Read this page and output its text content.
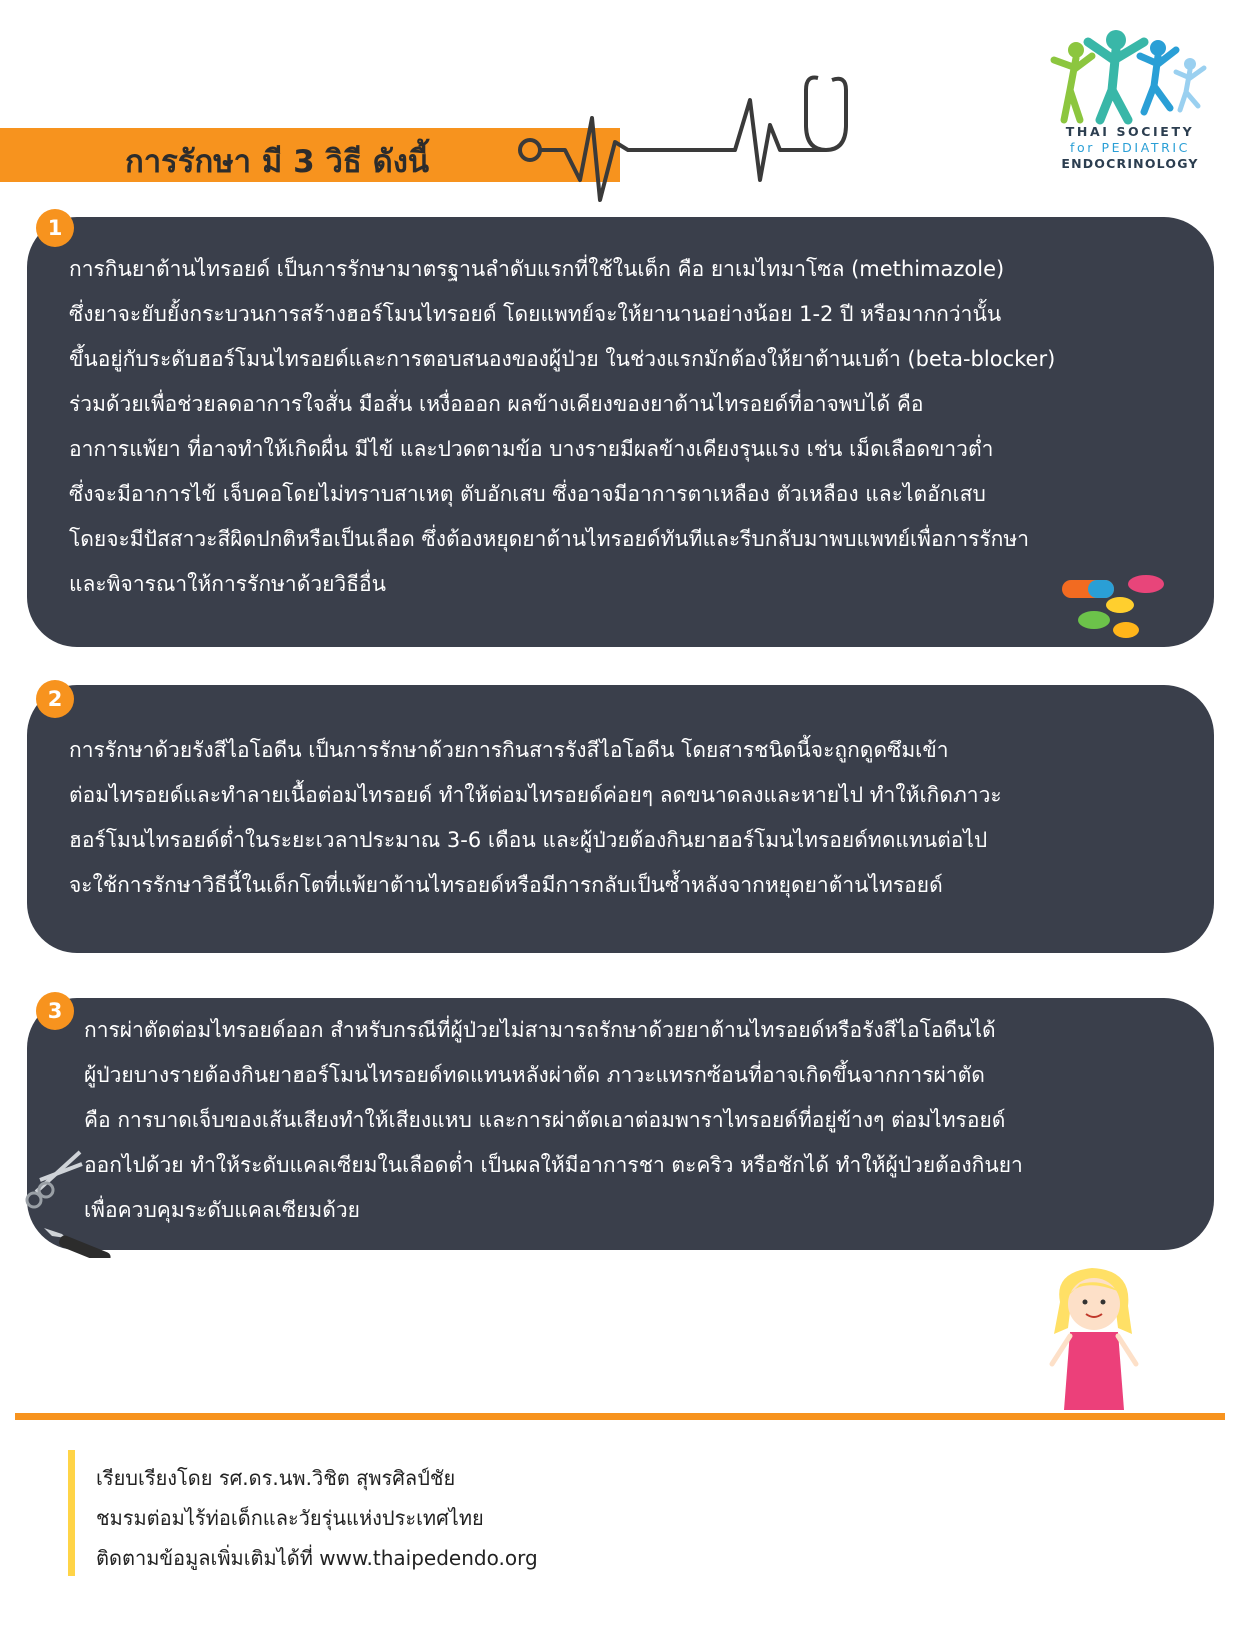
การรักษา มี 3 วิธี ดังนี้
THAI SOCIETY
for PEDIATRIC
ENDOCRINOLOGY

การกินยาต้านไทรอยด์ เป็นการรักษามาตรฐานลำดับแรกที่ใช้ในเด็ก คือ ยาเมไทมาโซล (methimazole)

ซึ่งยาจะยับยั้งกระบวนการสร้างฮอร์โมนไทรอยด์ โดยแพทย์จะให้ยานานอย่างน้อย 1-2 ปี หรือมากกว่านั้น

ขึ้นอยู่กับระดับฮอร์โมนไทรอยด์และการตอบสนองของผู้ป่วย ในช่วงแรกมักต้องให้ยาต้านเบต้า (beta-blocker)

ร่วมด้วยเพื่อช่วยลดอาการใจสั่น มือสั่น เหงื่อออก ผลข้างเคียงของยาต้านไทรอยด์ที่อาจพบได้ คือ

อาการแพ้ยา ที่อาจทำให้เกิดผื่น มีไข้ และปวดตามข้อ บางรายมีผลข้างเคียงรุนแรง เช่น เม็ดเลือดขาวต่ำ

ซึ่งจะมีอาการไข้ เจ็บคอโดยไม่ทราบสาเหตุ ตับอักเสบ ซึ่งอาจมีอาการตาเหลือง ตัวเหลือง และไตอักเสบ

โดยจะมีปัสสาวะสีผิดปกติหรือเป็นเลือด ซึ่งต้องหยุดยาต้านไทรอยด์ทันทีและรีบกลับมาพบแพทย์เพื่อการรักษา

และพิจารณาให้การรักษาด้วยวิธีอื่น

1

การรักษาด้วยรังสีไอโอดีน เป็นการรักษาด้วยการกินสารรังสีไอโอดีน โดยสารชนิดนี้จะถูกดูดซึมเข้า

ต่อมไทรอยด์และทำลายเนื้อต่อมไทรอยด์ ทำให้ต่อมไทรอยด์ค่อยๆ ลดขนาดลงและหายไป ทำให้เกิดภาวะ

ฮอร์โมนไทรอยด์ต่ำในระยะเวลาประมาณ 3-6 เดือน และผู้ป่วยต้องกินยาฮอร์โมนไทรอยด์ทดแทนต่อไป

จะใช้การรักษาวิธีนี้ในเด็กโตที่แพ้ยาต้านไทรอยด์หรือมีการกลับเป็นซ้ำหลังจากหยุดยาต้านไทรอยด์

2

การผ่าตัดต่อมไทรอยด์ออก สำหรับกรณีที่ผู้ป่วยไม่สามารถรักษาด้วยยาต้านไทรอยด์หรือรังสีไอโอดีนได้

ผู้ป่วยบางรายต้องกินยาฮอร์โมนไทรอยด์ทดแทนหลังผ่าตัด ภาวะแทรกซ้อนที่อาจเกิดขึ้นจากการผ่าตัด

คือ การบาดเจ็บของเส้นเสียงทำให้เสียงแหบ และการผ่าตัดเอาต่อมพาราไทรอยด์ที่อยู่ข้างๆ ต่อมไทรอยด์

ออกไปด้วย ทำให้ระดับแคลเซียมในเลือดต่ำ เป็นผลให้มีอาการชา ตะคริว หรือชักได้ ทำให้ผู้ป่วยต้องกินยา

เพื่อควบคุมระดับแคลเซียมด้วย

3

เรียบเรียงโดย รศ.ดร.นพ.วิชิต สุพรศิลป์ชัย

ชมรมต่อมไร้ท่อเด็กและวัยรุ่นแห่งประเทศไทย

ติดตามข้อมูลเพิ่มเติมได้ที่ www.thaipedendo.org
